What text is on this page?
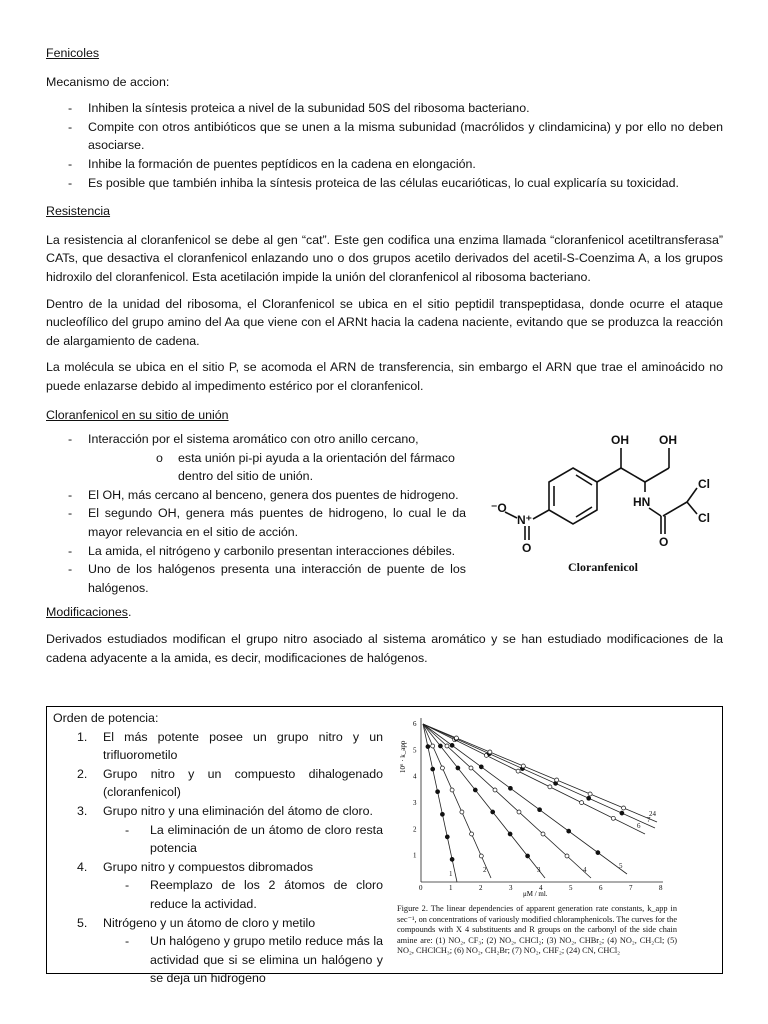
Fenicoles
Mecanismo de accion:
- Inhiben la síntesis proteica a nivel de la subunidad 50S del ribosoma bacteriano.
- Compite con otros antibióticos que se unen a la misma subunidad (macrólidos y clindamicina) y por ello no deben asociarse.
- Inhibe la formación de puentes peptídicos en la cadena en elongación.
- Es posible que también inhiba la síntesis proteica de las células eucarióticas, lo cual explicaría su toxicidad.
Resistencia
La resistencia al cloranfenicol se debe al gen “cat”. Este gen codifica una enzima llamada “cloranfenicol acetiltransferasa” CATs, que desactiva el cloranfenicol enlazando uno o dos grupos acetilo derivados del acetil-S-Coenzima A, a los grupos hidroxilo del cloranfenicol. Esta acetilación impide la unión del cloranfenicol al ribosoma bacteriano.
Dentro de la unidad del ribosoma, el Cloranfenicol se ubica en el sitio peptidil transpeptidasa, donde ocurre el ataque nucleofílico del grupo amino del Aa que viene con el ARNt hacia la cadena naciente, evitando que se produzca la reacción de alargamiento de cadena.
La molécula se ubica en el sitio P, se acomoda el ARN de transferencia, sin embargo el ARN que trae el aminoácido no puede enlazarse debido al impedimento estérico por el cloranfenicol.
Cloranfenicol en su sitio de unión
- Interacción por el sistema aromático con otro anillo cercano,
o esta unión pi-pi ayuda a la orientación del fármaco dentro del sitio de unión.
- El OH, más cercano al benceno, genera dos puentes de hidrogeno.
- El segundo OH, genera más puentes de hidrogeno, lo cual le da mayor relevancia en el sitio de acción.
- La amida, el nitrógeno y carbonilo presentan interacciones débiles.
- Uno de los halógenos presenta una interacción de puente de los halógenos.
OH	OH
Cl
Cl
HN
O
⁻O
N⁺
O
Cloranfenicol
Modificaciones.
Derivados estudiados modifican el grupo nitro asociado al sistema aromático y se han estudiado modificaciones de la cadena adyacente a la amida, es decir, modificaciones de halógenos.
Orden de potencia:
1. El más potente posee un grupo nitro y un trifluorometilo
2. Grupo nitro y un compuesto dihalogenado (cloranfenicol)
3. Grupo nitro y una eliminación del átomo de cloro.
- La eliminación de un átomo de cloro resta potencia
4. Grupo nitro y compuestos dibromados
- Reemplazo de los 2 átomos de cloro reduce la actividad.
5. Nitrógeno y un átomo de cloro y metilo
- Un halógeno y grupo metilo reduce más la actividad que si se elimina un halógeno y se deja un hidrogeno
0	1	2	3	4	5	6	7	8
1
2
3
4
5
6
1	2	3	4	5
6
7
24
10⁶ · k_app
μM / ml.
Figure 2. The linear dependencies of apparent generation rate constants, k_app in sec⁻¹, on concentrations of variously modified chloramphenicols. The curves for the compounds with X 4 substituents and R groups on the carbonyl of the side chain amine are: (1) NO₂, CF₃; (2) NO₂, CHCl₂; (3) NO₂, CHBr₂; (4) NO₂, CH₂Cl; (5) NO₂, CHClCH₃; (6) NO₂, CH₂Br; (7) NO₂, CHF₂; (24) CN, CHCl₂
